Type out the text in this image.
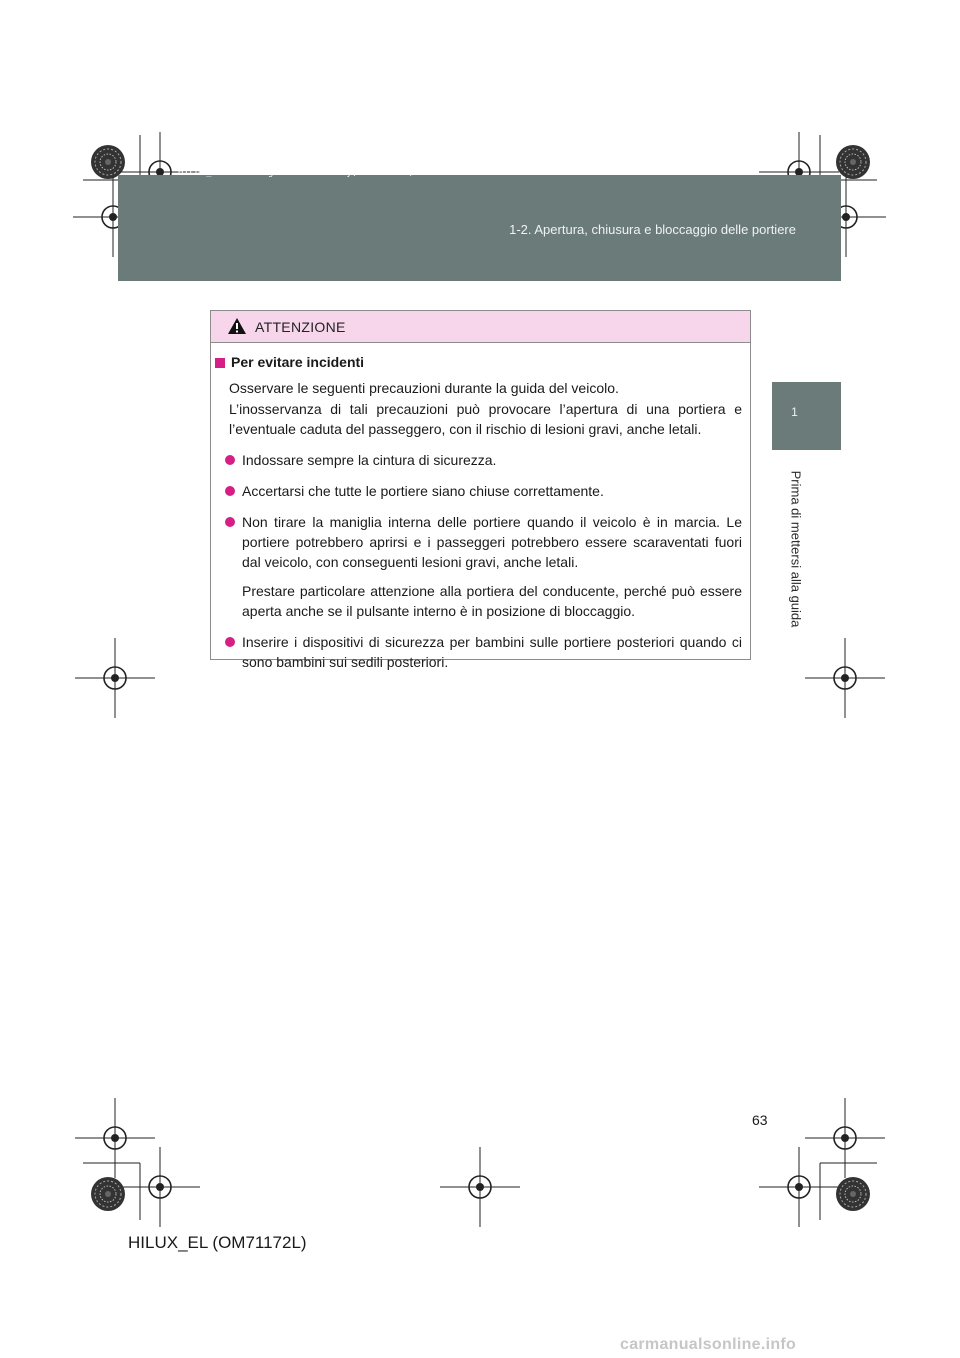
HILUX_EL.book Page 63 Wednesday, March 23, 2011 3:30 PM
1-2. Apertura, chiusura e bloccaggio delle portiere
1
Prima di mettersi alla guida
ATTENZIONE
Per evitare incidenti
Osservare le seguenti precauzioni durante la guida del veicolo.
L’inosservanza di tali precauzioni può provocare l’apertura di una portiera e l’eventuale caduta del passeggero, con il rischio di lesioni gravi, anche letali.
Indossare sempre la cintura di sicurezza.
Accertarsi che tutte le portiere siano chiuse correttamente.
Non tirare la maniglia interna delle portiere quando il veicolo è in marcia. Le portiere potrebbero aprirsi e i passeggeri potrebbero essere scaraventati fuori dal veicolo, con conseguenti lesioni gravi, anche letali.
Prestare particolare attenzione alla portiera del conducente, perché può essere aperta anche se il pulsante interno è in posizione di bloccaggio.
Inserire i dispositivi di sicurezza per bambini sulle portiere posteriori quando ci sono bambini sui sedili posteriori.
63
HILUX_EL (OM71172L)
carmanualsonline.info
